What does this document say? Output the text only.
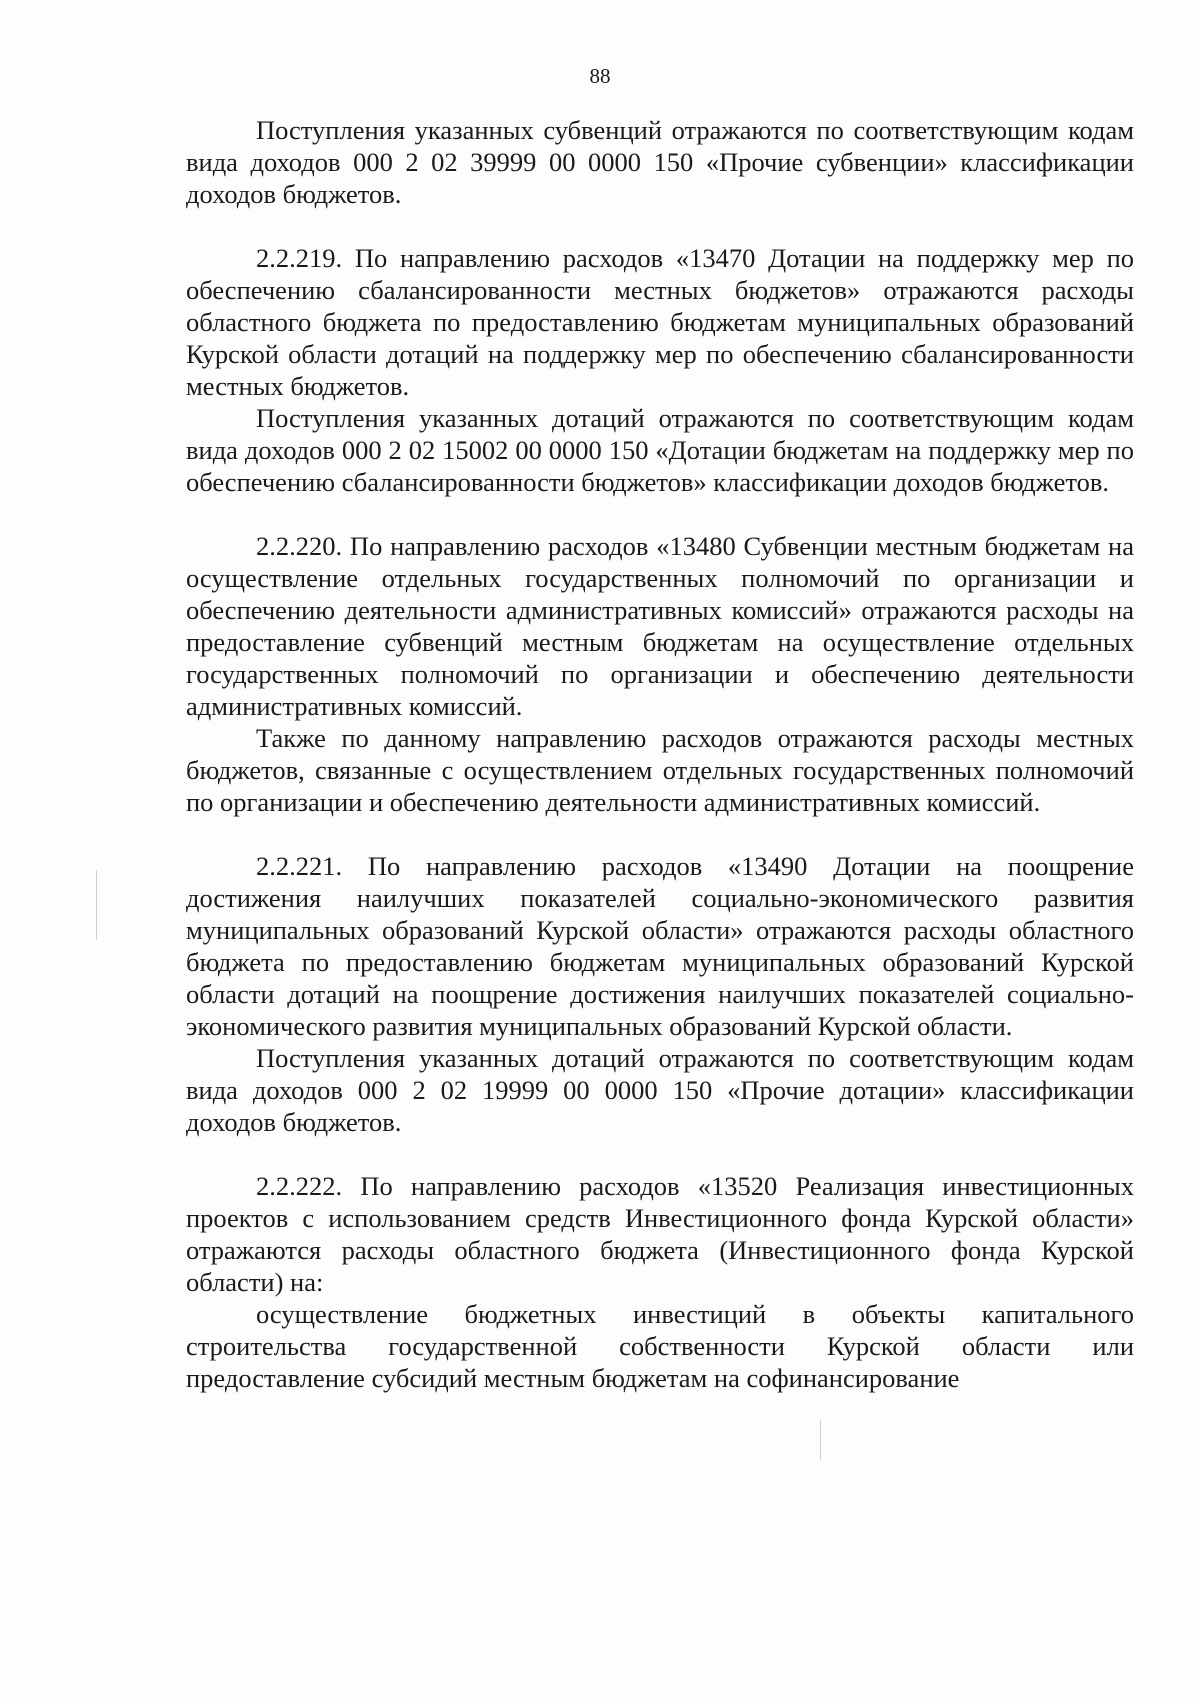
88

Поступления указанных субвенций отражаются по соответствующим кодам вида доходов 000 2 02 39999 00 0000 150 «Прочие субвенции» классификации доходов бюджетов.

2.2.219. По направлению расходов «13470 Дотации на поддержку мер по обеспечению сбалансированности местных бюджетов» отражаются расходы областного бюджета по предоставлению бюджетам муниципальных образований Курской области дотаций на поддержку мер по обеспечению сбалансированности местных бюджетов.

Поступления указанных дотаций отражаются по соответствующим кодам вида доходов 000 2 02 15002 00 0000 150 «Дотации бюджетам на поддержку мер по обеспечению сбалансированности бюджетов» классификации доходов бюджетов.

2.2.220. По направлению расходов «13480 Субвенции местным бюджетам на осуществление отдельных государственных полномочий по организации и обеспечению деятельности административных комиссий» отражаются расходы на предоставление субвенций местным бюджетам на осуществление отдельных государственных полномочий по организации и обеспечению деятельности административных комиссий.

Также по данному направлению расходов отражаются расходы местных бюджетов, связанные с осуществлением отдельных государственных полномочий по организации и обеспечению деятельности административных комиссий.

2.2.221. По направлению расходов «13490 Дотации на поощрение достижения наилучших показателей социально-экономического развития муниципальных образований Курской области» отражаются расходы областного бюджета по предоставлению бюджетам муниципальных образований Курской области дотаций на поощрение достижения наилучших показателей социально-экономического развития муниципальных образований Курской области.

Поступления указанных дотаций отражаются по соответствующим кодам вида доходов 000 2 02 19999 00 0000 150 «Прочие дотации» классификации доходов бюджетов.

2.2.222. По направлению расходов «13520 Реализация инвестиционных проектов с использованием средств Инвестиционного фонда Курской области» отражаются расходы областного бюджета (Инвестиционного фонда Курской области) на:

осуществление бюджетных инвестиций в объекты капитального строительства государственной собственности Курской области или предоставление субсидий местным бюджетам на софинансирование
